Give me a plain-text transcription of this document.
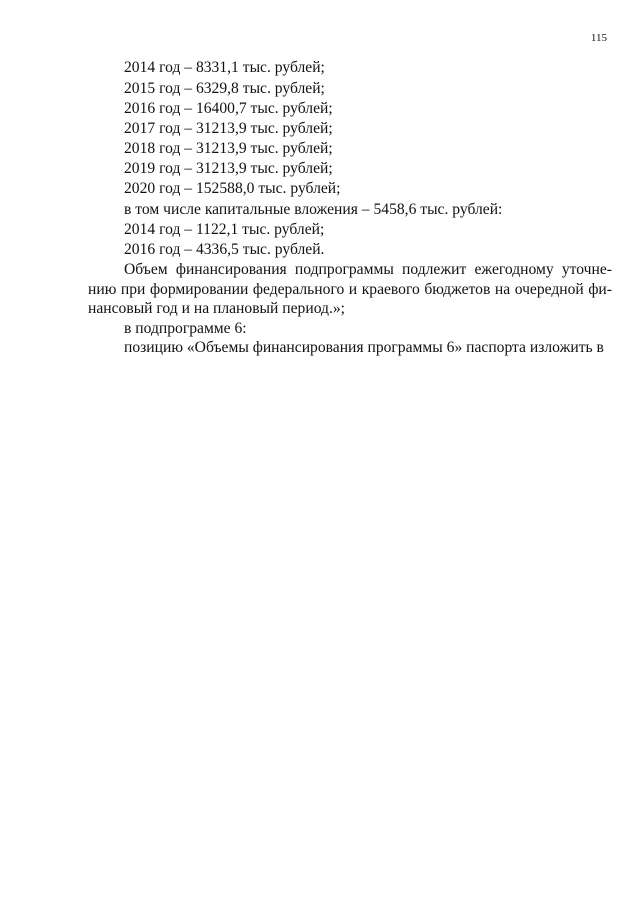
115
2014 год – 8331,1 тыс. рублей;
2015 год – 6329,8 тыс. рублей;
2016 год – 16400,7 тыс. рублей;
2017 год – 31213,9 тыс. рублей;
2018 год – 31213,9 тыс. рублей;
2019 год – 31213,9 тыс. рублей;
2020 год – 152588,0 тыс. рублей;
в том числе капитальные вложения – 5458,6 тыс. рублей:
2014 год – 1122,1 тыс. рублей;
2016 год – 4336,5 тыс. рублей.
Объем финансирования подпрограммы подлежит ежегодному уточне-
нию при формировании федерального и краевого бюджетов на очередной фи-
нансовый год и на плановый период.»;
в подпрограмме 6:
позицию «Объемы финансирования программы 6» паспорта изложить в
